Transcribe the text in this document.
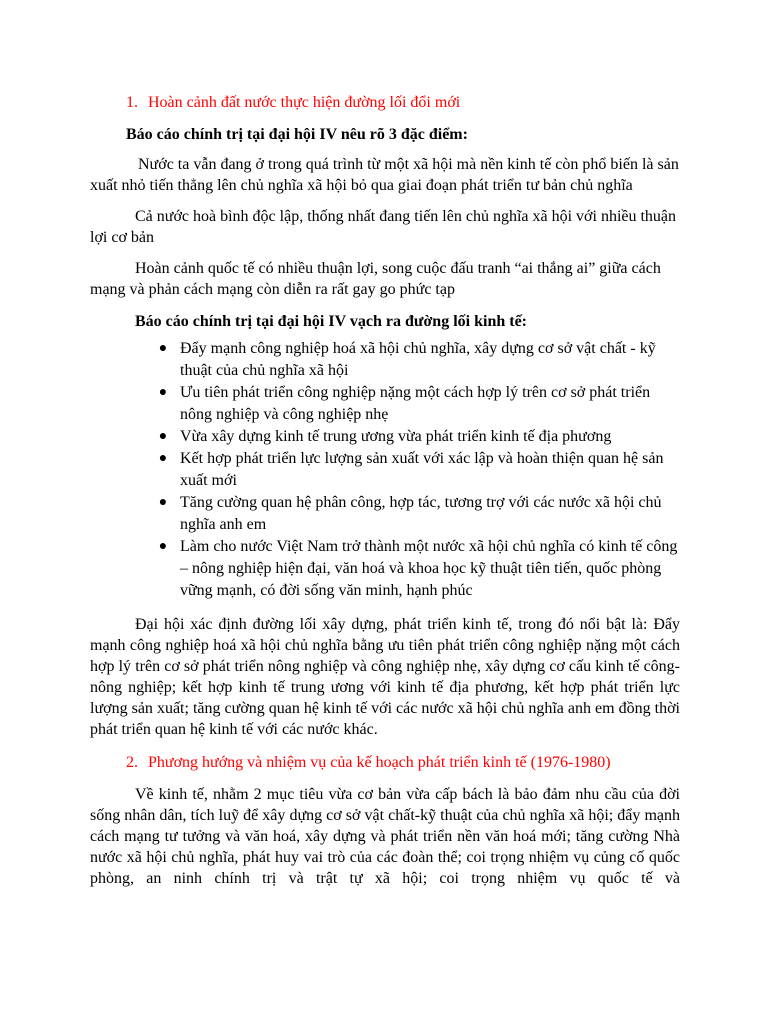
1. Hoàn cảnh đất nước thực hiện đường lối đổi mới

Báo cáo chính trị tại đại hội IV nêu rõ 3 đặc điểm:

Nước ta vẫn đang ở trong quá trình từ một xã hội mà nền kinh tế còn phổ biến là sản xuất nhỏ tiến thẳng lên chủ nghĩa xã hội bỏ qua giai đoạn phát triển tư bản chủ nghĩa

Cả nước hoà bình độc lập, thống nhất đang tiến lên chủ nghĩa xã hội với nhiều thuận lợi cơ bản

Hoàn cảnh quốc tế có nhiều thuận lợi, song cuộc đấu tranh “ai thắng ai” giữa cách mạng và phản cách mạng còn diễn ra rất gay go phức tạp

Báo cáo chính trị tại đại hội IV vạch ra đường lối kinh tế:

● Đẩy mạnh công nghiệp hoá xã hội chủ nghĩa, xây dựng cơ sở vật chất - kỹ thuật của chủ nghĩa xã hội
● Ưu tiên phát triển công nghiệp nặng một cách hợp lý trên cơ sở phát triển nông nghiệp và công nghiệp nhẹ
● Vừa xây dựng kinh tế trung ương vừa phát triển kinh tế địa phương
● Kết hợp phát triển lực lượng sản xuất với xác lập và hoàn thiện quan hệ sản xuất mới
● Tăng cường quan hệ phân công, hợp tác, tương trợ với các nước xã hội chủ nghĩa anh em
● Làm cho nước Việt Nam trở thành một nước xã hội chủ nghĩa có kinh tế công – nông nghiệp hiện đại, văn hoá và khoa học kỹ thuật tiên tiến, quốc phòng vững mạnh, có đời sống văn minh, hạnh phúc

Đại hội xác định đường lối xây dựng, phát triển kinh tế, trong đó nổi bật là: Đẩy mạnh công nghiệp hoá xã hội chủ nghĩa bằng ưu tiên phát triển công nghiệp nặng một cách hợp lý trên cơ sở phát triển nông nghiệp và công nghiệp nhẹ, xây dựng cơ cấu kinh tế công-nông nghiệp; kết hợp kinh tế trung ương với kinh tế địa phương, kết hợp phát triển lực lượng sản xuất; tăng cường quan hệ kinh tế với các nước xã hội chủ nghĩa anh em đồng thời phát triển quan hệ kinh tế với các nước khác.

2. Phương hướng và nhiệm vụ của kế hoạch phát triển kinh tế (1976-1980)

Về kinh tế, nhằm 2 mục tiêu vừa cơ bản vừa cấp bách là bảo đảm nhu cầu của đời sống nhân dân, tích luỹ để xây dựng cơ sở vật chất-kỹ thuật của chủ nghĩa xã hội; đẩy mạnh cách mạng tư tưởng và văn hoá, xây dựng và phát triển nền văn hoá mới; tăng cường Nhà nước xã hội chủ nghĩa, phát huy vai trò của các đoàn thể; coi trọng nhiệm vụ củng cố quốc phòng, an ninh chính trị và trật tự xã hội; coi trọng nhiệm vụ quốc tế và
